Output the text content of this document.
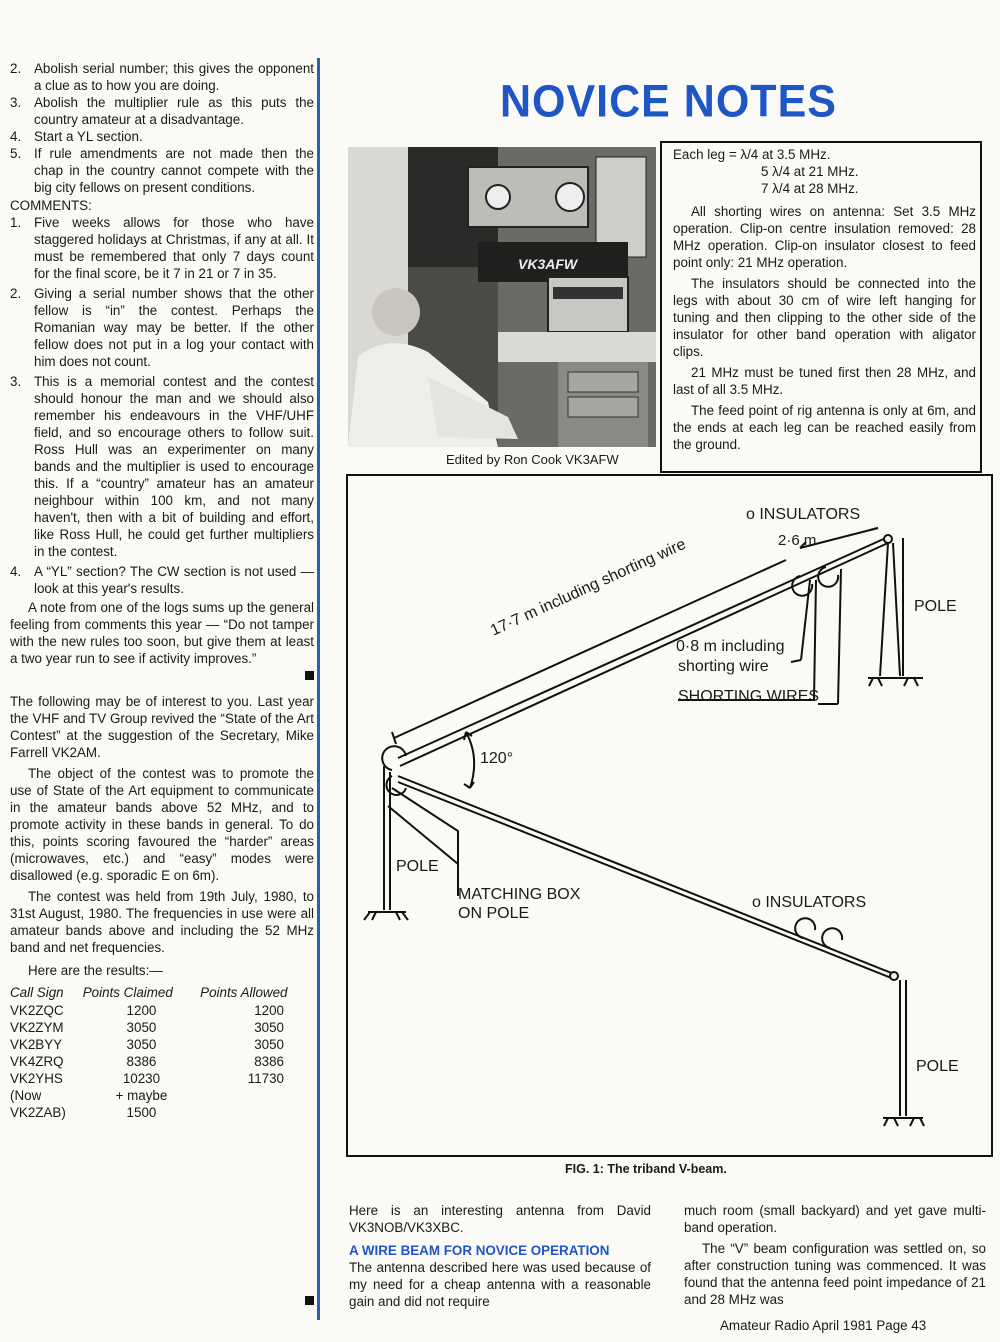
2. Abolish serial number; this gives the opponent a clue as to how you are doing.
3. Abolish the multiplier rule as this puts the country amateur at a disadvantage.
4. Start a YL section.
5. If rule amendments are not made then the chap in the country cannot compete with the big city fellows on present conditions.

COMMENTS:

1. Five weeks allows for those who have staggered holidays at Christmas, if any at all. It must be remembered that only 7 days count for the final score, be it 7 in 21 or 7 in 35.
2. Giving a serial number shows that the other fellow is “in” the contest. Perhaps the Romanian way may be better. If the other fellow does not put in a log your contact with him does not count.
3. This is a memorial contest and the contest should honour the man and we should also remember his endeavours in the VHF/UHF field, and so encourage others to follow suit. Ross Hull was an experimenter on many bands and the multiplier is used to encourage this. If a “country” amateur has an amateur neighbour within 100 km, and not many haven't, then with a bit of building and effort, like Ross Hull, he could get further multipliers in the contest.
4. A “YL” section? The CW section is not used — look at this year's results.

A note from one of the logs sums up the general feeling from comments this year — “Do not tamper with the new rules too soon, but give them at least a two year run to see if activity improves.”

The following may be of interest to you. Last year the VHF and TV Group revived the “State of the Art Contest” at the suggestion of the Secretary, Mike Farrell VK2AM.

The object of the contest was to promote the use of State of the Art equipment to communicate in the amateur bands above 52 MHz, and to promote activity in these bands in general. To do this, points scoring favoured the “harder” areas (microwaves, etc.) and “easy” modes were disallowed (e.g. sporadic E on 6m).

The contest was held from 19th July, 1980, to 31st August, 1980. The frequencies in use were all amateur bands above and including the 52 MHz band and net frequencies.

Here are the results:—

Call Sign	Points Claimed	Points Allowed
VK2ZQC	1200	1200
VK2ZYM	3050	3050
VK2BYY	3050	3050
VK4ZRQ	8386	8386
VK2YHS	10230	11730
(Now	+ maybe	
VK2ZAB)	1500	
NOVICE NOTES
VK3AFW
Edited by Ron Cook VK3AFW
Each leg = λ/4 at 3.5 MHz.
5 λ/4 at 21 MHz.
7 λ/4 at 28 MHz.

All shorting wires on antenna: Set 3.5 MHz operation. Clip-on centre insulation removed: 28 MHz operation. Clip-on insulator closest to feed point only: 21 MHz operation.

The insulators should be connected into the legs with about 30 cm of wire left hanging for tuning and then clipping to the other side of the insulator for other band operation with aligator clips.

21 MHz must be tuned first then 28 MHz, and last of all 3.5 MHz.

The feed point of rig antenna is only at 6m, and the ends at each leg can be reached easily from the ground.

o INSULATORS
2·6 m
POLE
17·7 m including shorting wire
0·8 m including
shorting wire
SHORTING WIRES
120°
POLE
MATCHING BOX
ON POLE
o INSULATORS
POLE
FIG. 1: The triband V-beam.

Here is an interesting antenna from David VK3NOB/VK3XBC.

A WIRE BEAM FOR NOVICE OPERATION

The antenna described here was used because of my need for a cheap antenna with a reasonable gain and did not require

much room (small backyard) and yet gave multi-band operation.

The “V” beam configuration was settled on, so after construction tuning was commenced. It was found that the antenna feed point impedance of 21 and 28 MHz was

Amateur Radio April 1981 Page 43
